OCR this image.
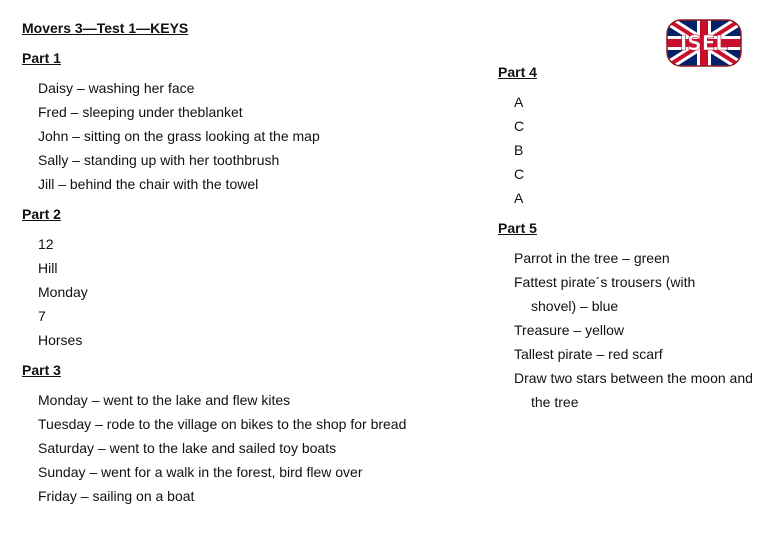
Movers 3—Test 1—KEYS
Part 1
Daisy – washing her face
Fred – sleeping under theblanket
John – sitting on the grass looking at the map
Sally – standing up with her toothbrush
Jill – behind the chair with the towel
Part 2
12
Hill
Monday
7
Horses
Part 3
Monday – went to the lake and flew kites
Tuesday – rode to the village on bikes to the shop for bread
Saturday – went to the lake and sailed toy boats
Sunday – went for a walk in the forest, bird flew over
Friday – sailing on a boat
Part 4
A
C
B
C
A
Part 5
Parrot in the tree – green
Fattest pirate´s trousers (with shovel) – blue
Treasure – yellow
Tallest pirate – red scarf
Draw two stars between the moon and the tree
ISEL
